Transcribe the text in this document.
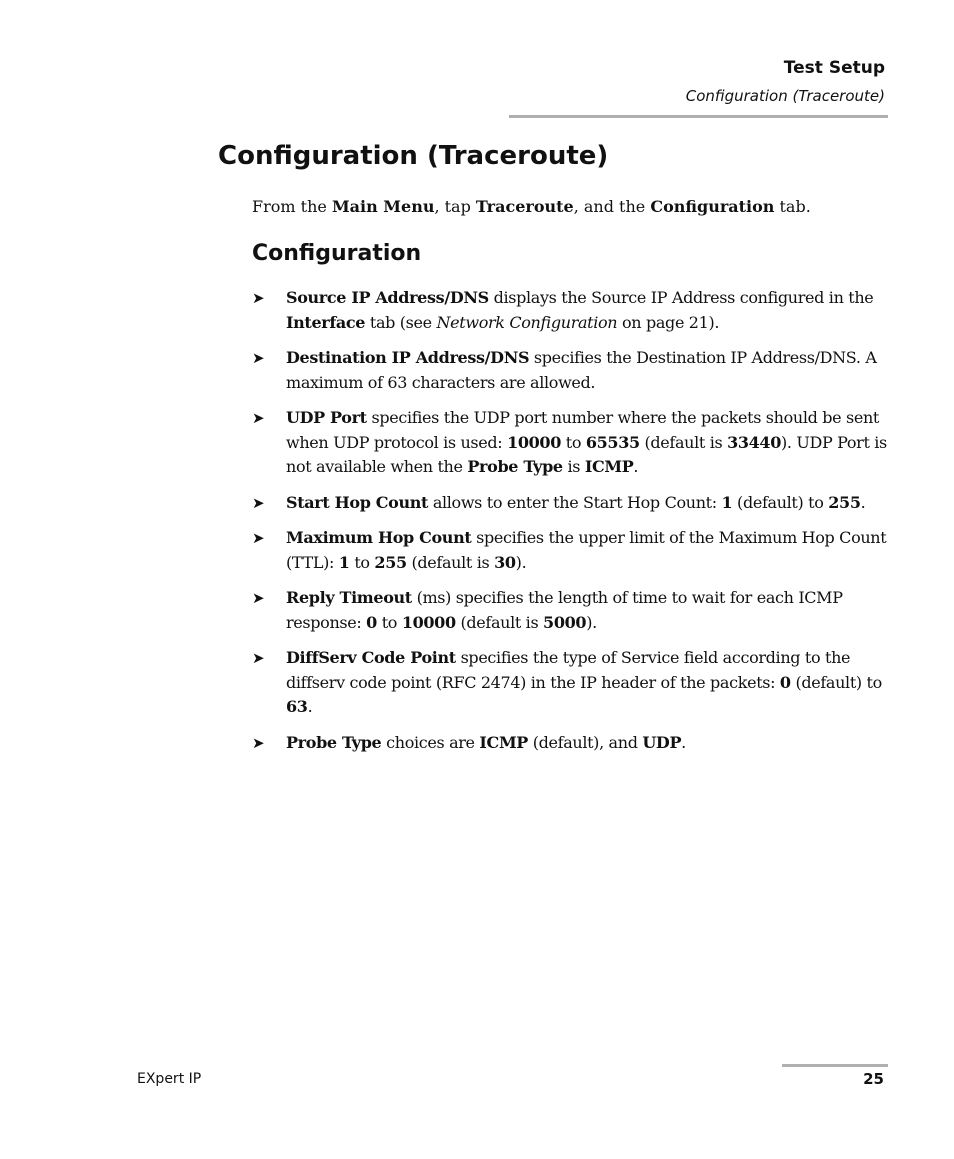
Test Setup
Configuration (Traceroute)
Configuration (Traceroute)

From the Main Menu, tap Traceroute, and the Configuration tab.

Configuration
➤ Source IP Address/DNS displays the Source IP Address configured in the Interface tab (see Network Configuration on page 21).
➤ Destination IP Address/DNS specifies the Destination IP Address/DNS. A maximum of 63 characters are allowed.
➤ UDP Port specifies the UDP port number where the packets should be sent when UDP protocol is used: 10000 to 65535 (default is 33440). UDP Port is not available when the Probe Type is ICMP.
➤ Start Hop Count allows to enter the Start Hop Count: 1 (default) to 255.
➤ Maximum Hop Count specifies the upper limit of the Maximum Hop Count (TTL): 1 to 255 (default is 30).
➤ Reply Timeout (ms) specifies the length of time to wait for each ICMP response: 0 to 10000 (default is 5000).
➤ DiffServ Code Point specifies the type of Service field according to the diffserv code point (RFC 2474) in the IP header of the packets: 0 (default) to 63.
➤ Probe Type choices are ICMP (default), and UDP.
EXpert IP	25
